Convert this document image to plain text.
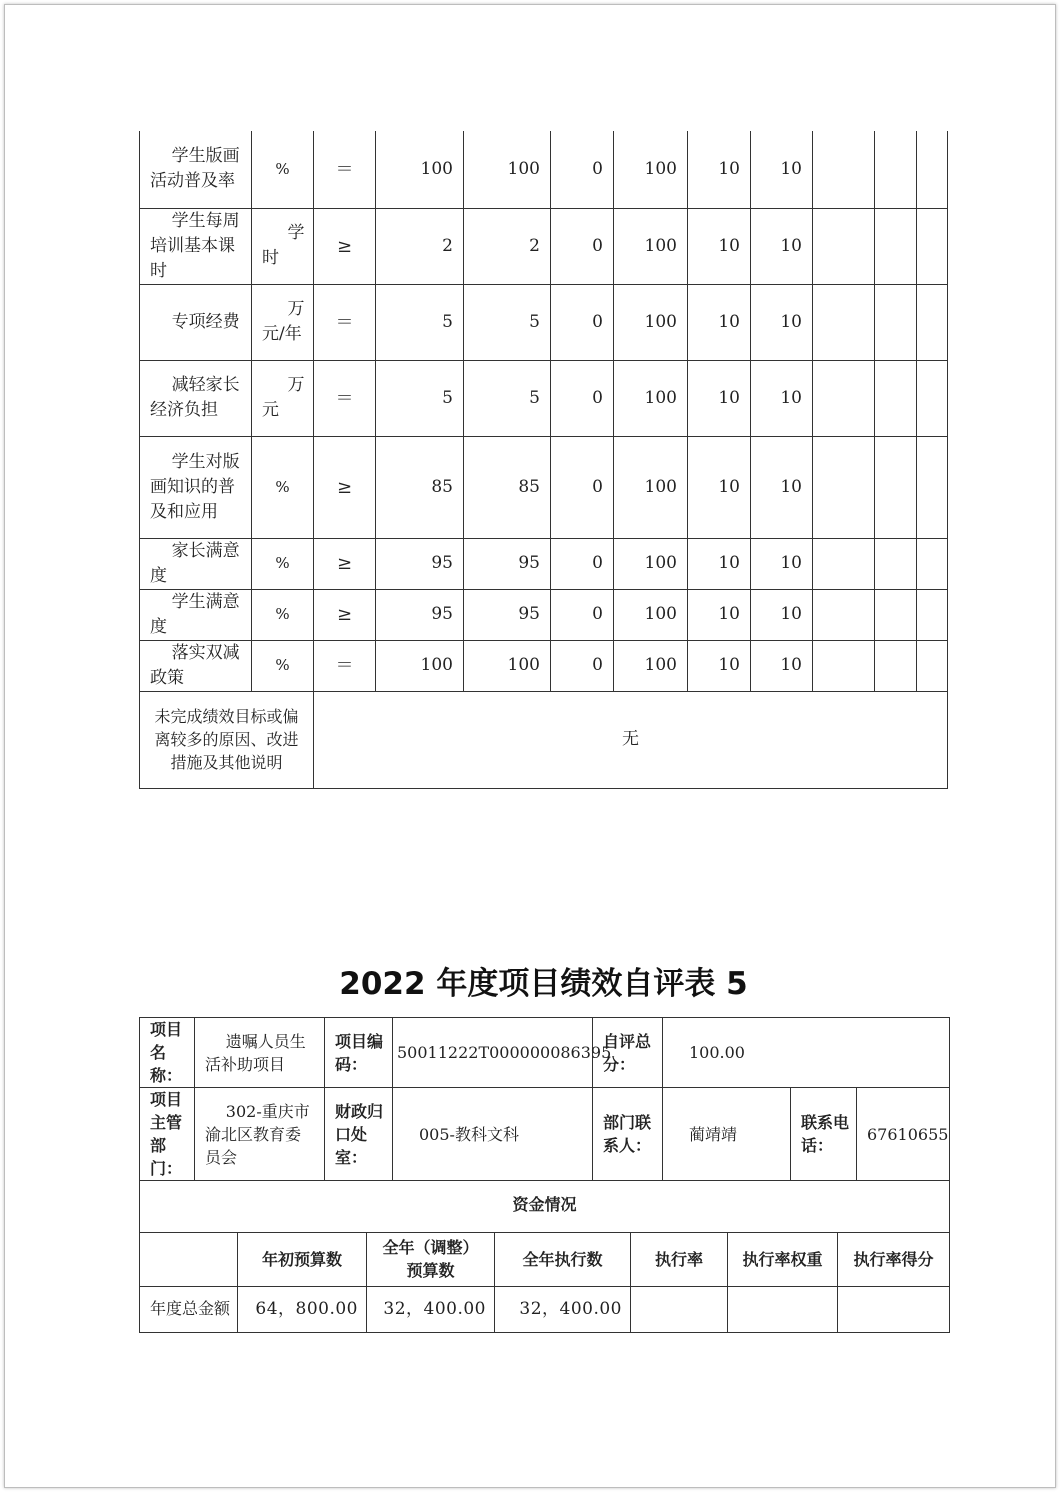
学生版画活动普及率	%	＝	100	100	0	100	10	10			
学生每周培训基本课时	学时	≥	2	2	0	100	10	10			
专项经费	万元/年	＝	5	5	0	100	10	10			
减轻家长经济负担	万元	＝	5	5	0	100	10	10			
学生对版画知识的普及和应用	%	≥	85	85	0	100	10	10			
家长满意度	%	≥	95	95	0	100	10	10			
学生满意度	%	≥	95	95	0	100	10	10			
落实双减政策	%	＝	100	100	0	100	10	10			
未完成绩效目标或偏离较多的原因、改进措施及其他说明		无									
2022 年度项目绩效自评表 5
项目名称：	遗嘱人员生活补助项目	项目编码：	50011222T000000086395	自评总分：	100.00		
项目主管部门：	302-重庆市渝北区教育委员会	财政归口处室：	005-教科文科	部门联系人：	蔺靖靖	联系电话：	67610655
资金情况						
	年初预算数	全年（调整）预算数	全年执行数	执行率	执行率权重	执行率得分
年度总金额	64，800.00	32，400.00	32，400.00			
